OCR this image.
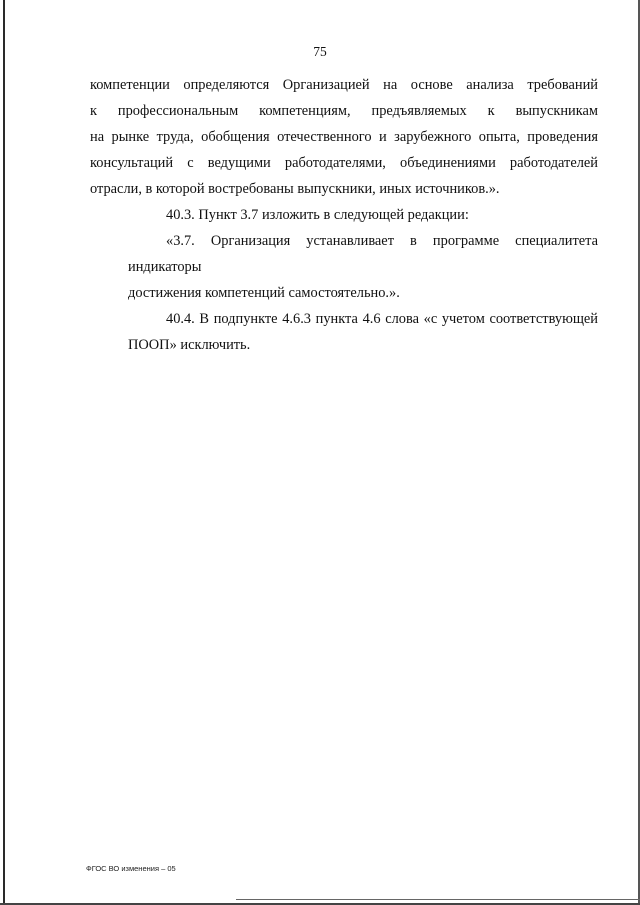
75

компетенции определяются Организацией на основе анализа требований
к профессиональным компетенциям, предъявляемых к выпускникам
на рынке труда, обобщения отечественного и зарубежного опыта, проведения
консультаций с ведущими работодателями, объединениями работодателей
отрасли, в которой востребованы выпускники, иных источников.».

40.3. Пункт 3.7 изложить в следующей редакции:

«3.7. Организация устанавливает в программе специалитета индикаторы
достижения компетенций самостоятельно.».

40.4. В подпункте 4.6.3 пункта 4.6 слова «с учетом соответствующей
ПООП» исключить.

ФГОС ВО изменения – 05
